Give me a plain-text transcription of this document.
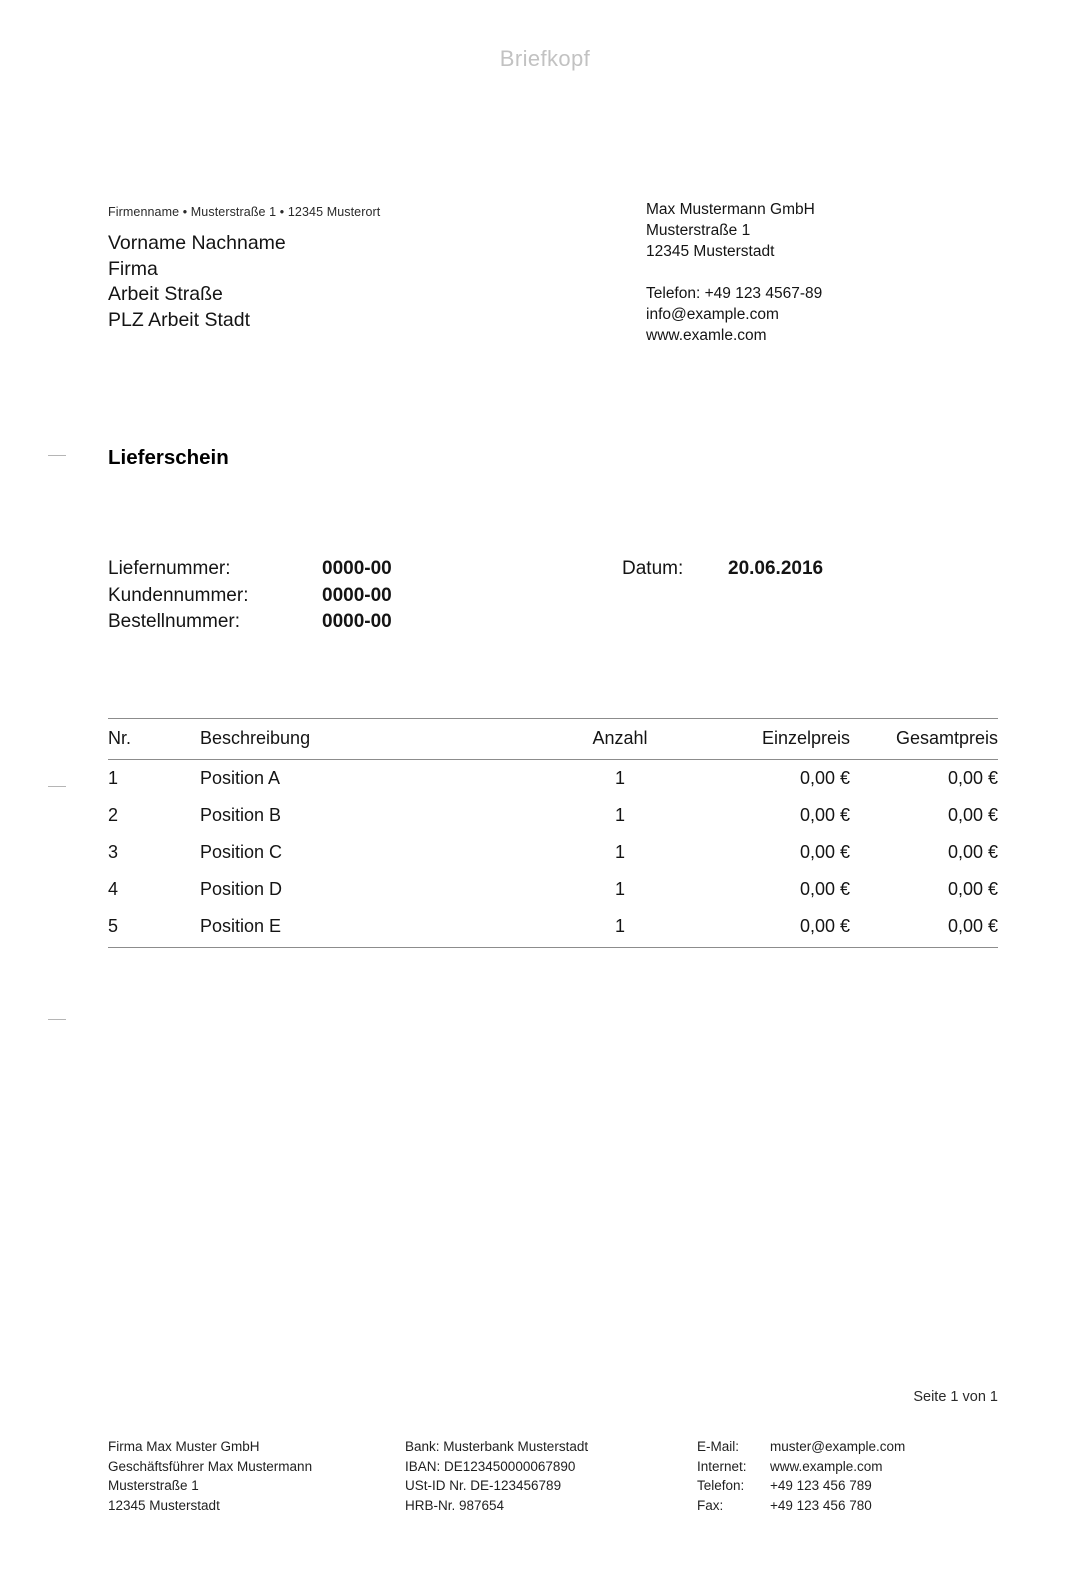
Briefkopf
Firmenname • Musterstraße 1 • 12345 Musterort
Vorname Nachname
Firma
Arbeit Straße
PLZ Arbeit Stadt
Max Mustermann GmbH
Musterstraße 1
12345 Musterstadt
Telefon: +49 123 4567-89
info@example.com
www.examle.com
Lieferschein
Liefernummer:	0000-00
Kundennummer:	0000-00
Bestellnummer:	0000-00
Datum:	20.06.2016
Nr.	Beschreibung	Anzahl	Einzelpreis	Gesamtpreis
1	Position A	1	0,00 €	0,00 €
2	Position B	1	0,00 €	0,00 €
3	Position C	1	0,00 €	0,00 €
4	Position D	1	0,00 €	0,00 €
5	Position E	1	0,00 €	0,00 €
Seite 1 von 1
Firma Max Muster GmbH
Geschäftsführer Max Mustermann
Musterstraße 1
12345 Musterstadt
Bank: Musterbank Musterstadt
IBAN: DE123450000067890
USt-ID Nr. DE-123456789
HRB-Nr. 987654
E-Mail:	muster@example.com
Internet:	www.example.com
Telefon:	+49 123 456 789
Fax:	+49 123 456 780
